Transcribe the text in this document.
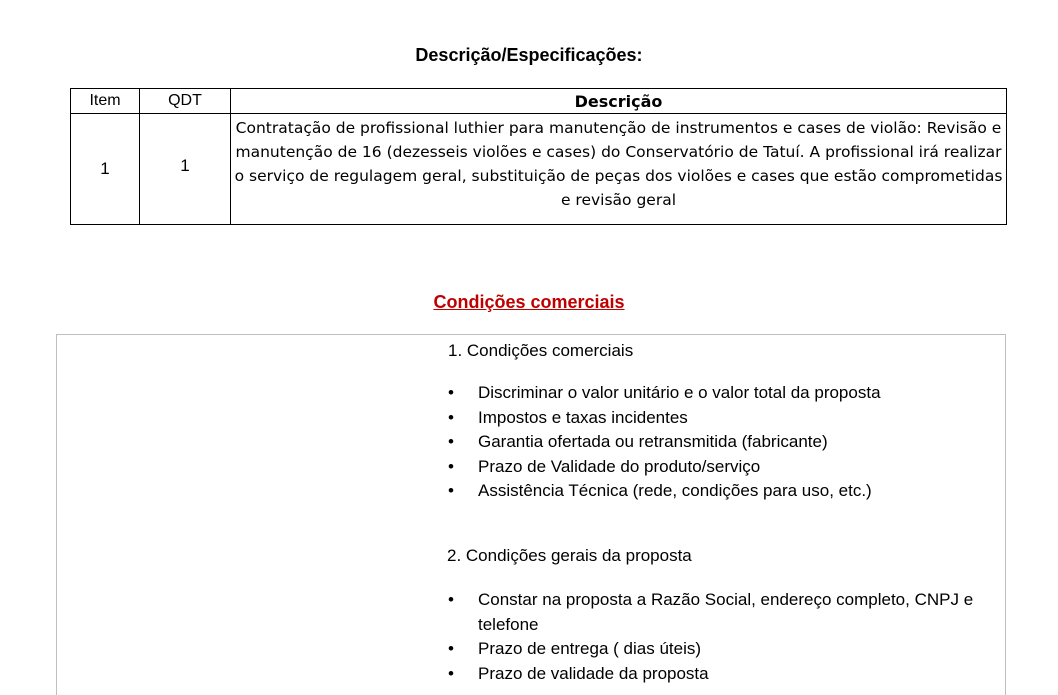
Descrição/Especificações:
Item	QDT	Descrição
1	1	Contratação de profissional luthier para manutenção de instrumentos e cases de violão: Revisão e manutenção de 16 (dezesseis violões e cases) do Conservatório de Tatuí. A profissional irá realizar o serviço de regulagem geral, substituição de peças dos violões e cases que estão comprometidas e revisão geral
Condições comerciais
1. Condições comerciais
• Discriminar o valor unitário e o valor total da proposta
• Impostos e taxas incidentes
• Garantia ofertada ou retransmitida (fabricante)
• Prazo de Validade do produto/serviço
• Assistência Técnica (rede, condições para uso, etc.)
2. Condições gerais da proposta
• Constar na proposta a Razão Social, endereço completo, CNPJ e telefone
• Prazo de entrega ( dias úteis)
• Prazo de validade da proposta
